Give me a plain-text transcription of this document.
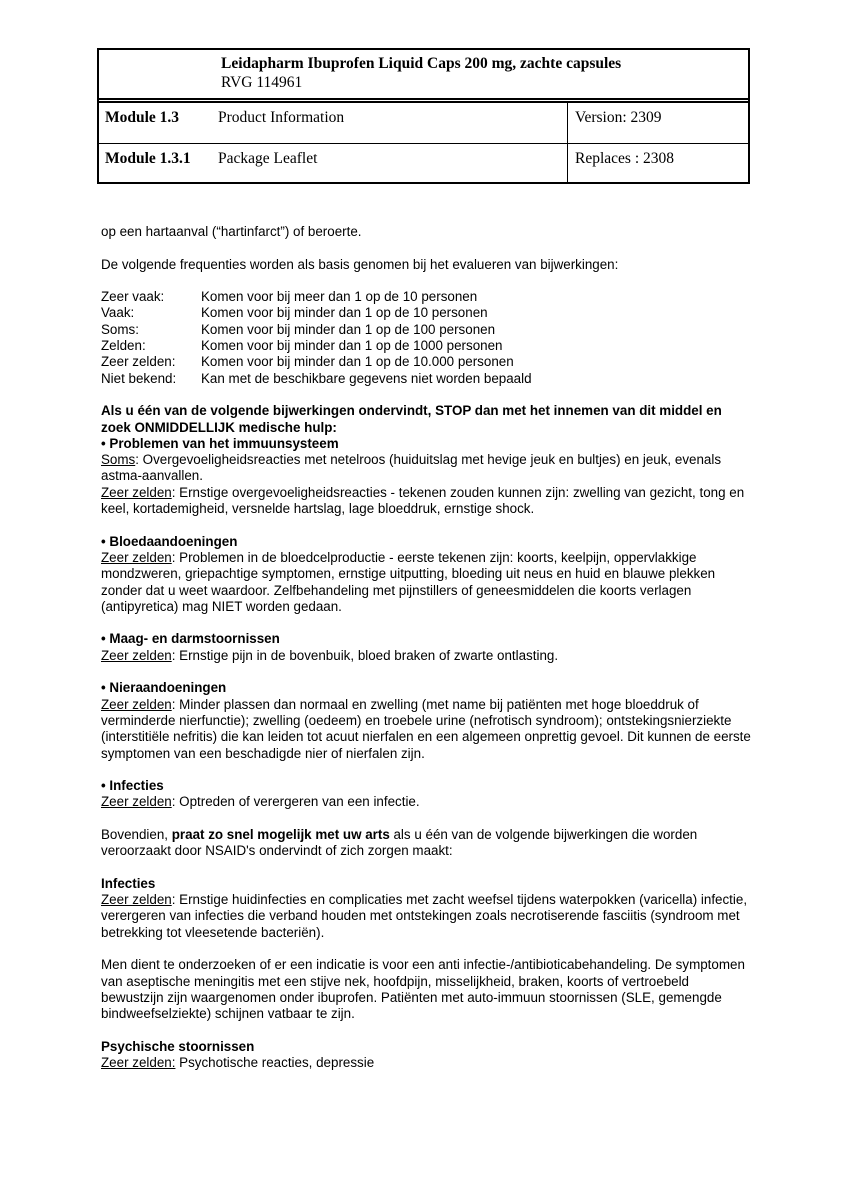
Leidapharm Ibuprofen Liquid Caps 200 mg, zachte capsules
RVG 114961
Module 1.3	Product Information	Version: 2309
Module 1.3.1 Package Leaflet	Replaces : 2308

op een hartaanval (“hartinfarct”) of beroerte.

De volgende frequenties worden als basis genomen bij het evalueren van bijwerkingen:

Zeer vaak:	Komen voor bij meer dan 1 op de 10 personen
Vaak:	Komen voor bij minder dan 1 op de 10 personen
Soms:	Komen voor bij minder dan 1 op de 100 personen
Zelden:	Komen voor bij minder dan 1 op de 1000 personen
Zeer zelden: Komen voor bij minder dan 1 op de 10.000 personen
Niet bekend: Kan met de beschikbare gegevens niet worden bepaald

Als u één van de volgende bijwerkingen ondervindt, STOP dan met het innemen van dit middel en zoek ONMIDDELLIJK medische hulp:

• Problemen van het immuunsysteem

Soms: Overgevoeligheidsreacties met netelroos (huiduitslag met hevige jeuk en bultjes) en jeuk, evenals astma-aanvallen.

Zeer zelden: Ernstige overgevoeligheidsreacties - tekenen zouden kunnen zijn: zwelling van gezicht, tong en keel, kortademigheid, versnelde hartslag, lage bloeddruk, ernstige shock.

• Bloedaandoeningen

Zeer zelden: Problemen in de bloedcelproductie - eerste tekenen zijn: koorts, keelpijn, oppervlakkige mondzweren, griepachtige symptomen, ernstige uitputting, bloeding uit neus en huid en blauwe plekken zonder dat u weet waardoor. Zelfbehandeling met pijnstillers of geneesmiddelen die koorts verlagen (antipyretica) mag NIET worden gedaan.

• Maag- en darmstoornissen

Zeer zelden: Ernstige pijn in de bovenbuik, bloed braken of zwarte ontlasting.

• Nieraandoeningen

Zeer zelden: Minder plassen dan normaal en zwelling (met name bij patiënten met hoge bloeddruk of verminderde nierfunctie); zwelling (oedeem) en troebele urine (nefrotisch syndroom); ontstekingsnierziekte (interstitiële nefritis) die kan leiden tot acuut nierfalen en een algemeen onprettig gevoel. Dit kunnen de eerste symptomen van een beschadigde nier of nierfalen zijn.

• Infecties

Zeer zelden: Optreden of verergeren van een infectie.

Bovendien, praat zo snel mogelijk met uw arts als u één van de volgende bijwerkingen die worden veroorzaakt door NSAID's ondervindt of zich zorgen maakt:

Infecties

Zeer zelden: Ernstige huidinfecties en complicaties met zacht weefsel tijdens waterpokken (varicella) infectie, verergeren van infecties die verband houden met ontstekingen zoals necrotiserende fasciitis (syndroom met betrekking tot vleesetende bacteriën).

Men dient te onderzoeken of er een indicatie is voor een anti infectie-/antibioticabehandeling. De symptomen van aseptische meningitis met een stijve nek, hoofdpijn, misselijkheid, braken, koorts of vertroebeld bewustzijn zijn waargenomen onder ibuprofen. Patiënten met auto-immuun stoornissen (SLE, gemengde bindweefselziekte) schijnen vatbaar te zijn.

Psychische stoornissen

Zeer zelden: Psychotische reacties, depressie
